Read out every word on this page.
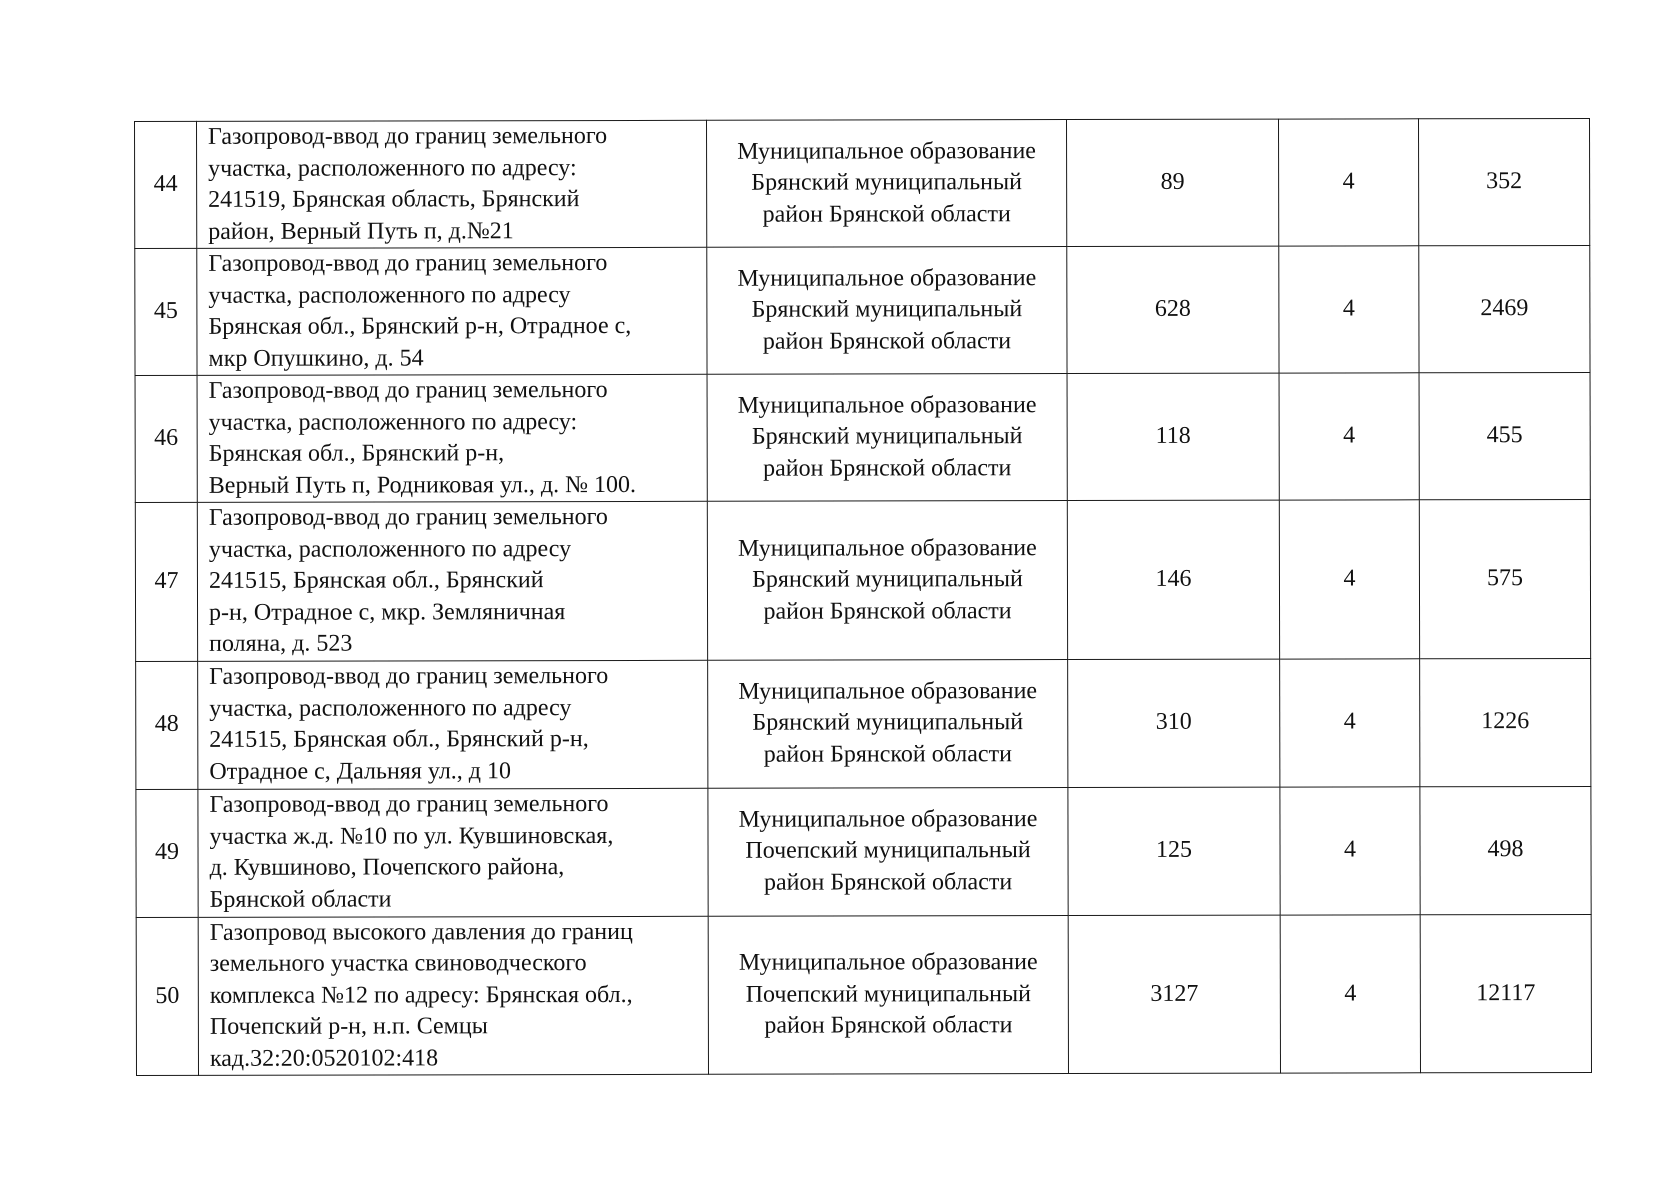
44	Газопровод-ввод до границ земельного
участка, расположенного по адресу:
241519, Брянская область, Брянский
район, Верный Путь п, д.№21	Муниципальное образование
Брянский муниципальный
район Брянской области	89	4	352
45	Газопровод-ввод до границ земельного
участка, расположенного по адресу
Брянская обл., Брянский р-н, Отрадное с,
мкр Опушкино, д. 54	Муниципальное образование
Брянский муниципальный
район Брянской области	628	4	2469
46	Газопровод-ввод до границ земельного
участка, расположенного по адресу:
Брянская обл., Брянский р-н,
Верный Путь п, Родниковая ул., д. № 100.	Муниципальное образование
Брянский муниципальный
район Брянской области	118	4	455
47	Газопровод-ввод до границ земельного
участка, расположенного по адресу
241515, Брянская обл., Брянский
р-н, Отрадное с, мкр. Земляничная
поляна, д. 523	Муниципальное образование
Брянский муниципальный
район Брянской области	146	4	575
48	Газопровод-ввод до границ земельного
участка, расположенного по адресу
241515, Брянская обл., Брянский р-н,
Отрадное с, Дальняя ул., д 10	Муниципальное образование
Брянский муниципальный
район Брянской области	310	4	1226
49	Газопровод-ввод до границ земельного
участка ж.д. №10 по ул. Кувшиновская,
д. Кувшиново, Почепского района,
Брянской области	Муниципальное образование
Почепский муниципальный
район Брянской области	125	4	498
50	Газопровод высокого давления до границ
земельного участка свиноводческого
комплекса №12 по адресу: Брянская обл.,
Почепский р-н, н.п. Семцы
кад.32:20:0520102:418	Муниципальное образование
Почепский муниципальный
район Брянской области	3127	4	12117
